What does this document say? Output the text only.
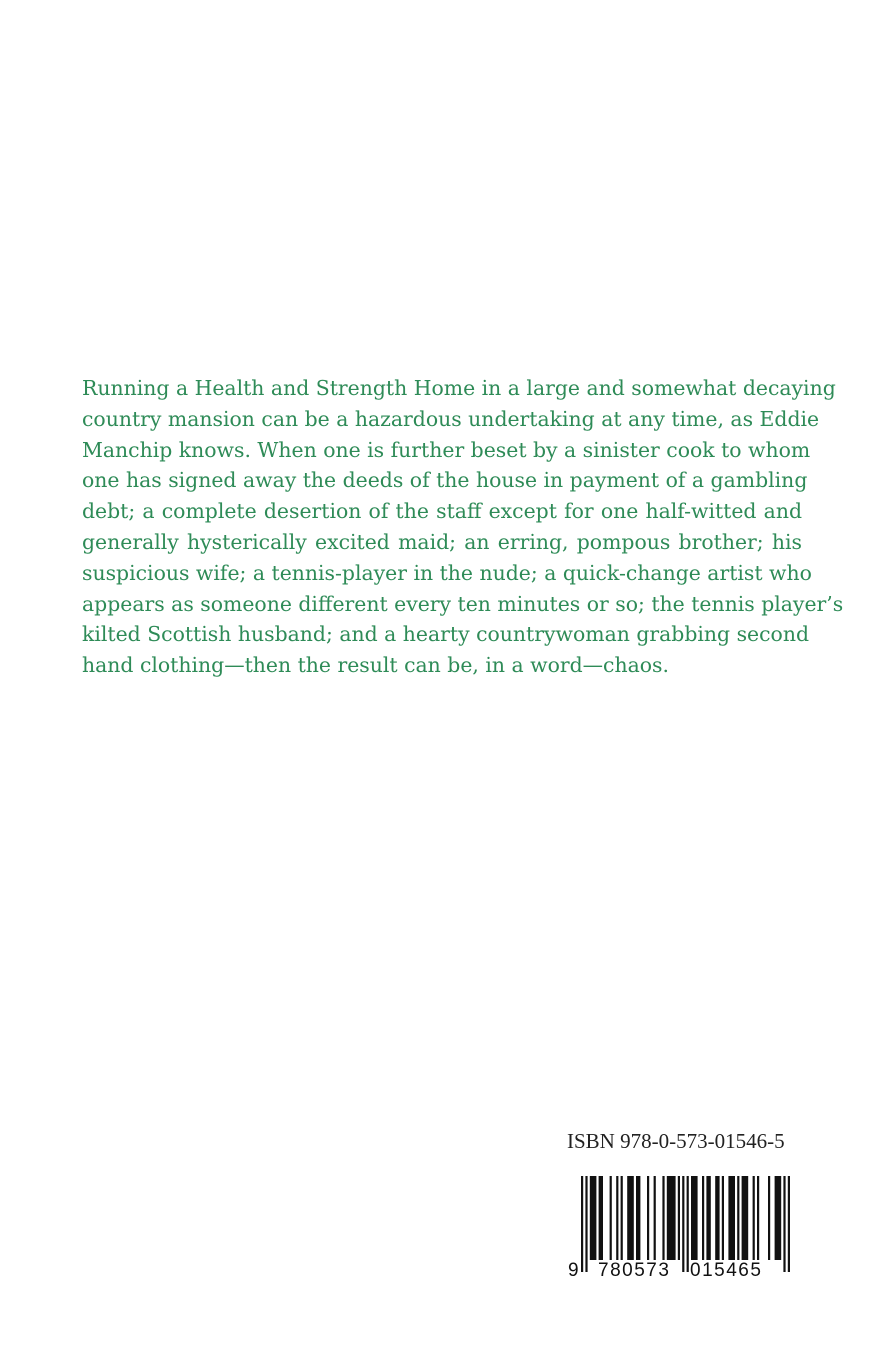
Running a Health and Strength Home in a large and somewhat decaying
country mansion can be a hazardous undertaking at any time, as Eddie
Manchip knows. When one is further beset by a sinister cook to whom
one has signed away the deeds of the house in payment of a gambling
debt; a complete desertion of the staff except for one half-witted and
generally hysterically excited maid; an erring, pompous brother; his
suspicious wife; a tennis-player in the nude; a quick-change artist who
appears as someone different every ten minutes or so; the tennis player’s
kilted Scottish husband; and a hearty countrywoman grabbing second
hand clothing—then the result can be, in a word—chaos.

ISBN 978-0-573-01546-5
9 780573 015465
